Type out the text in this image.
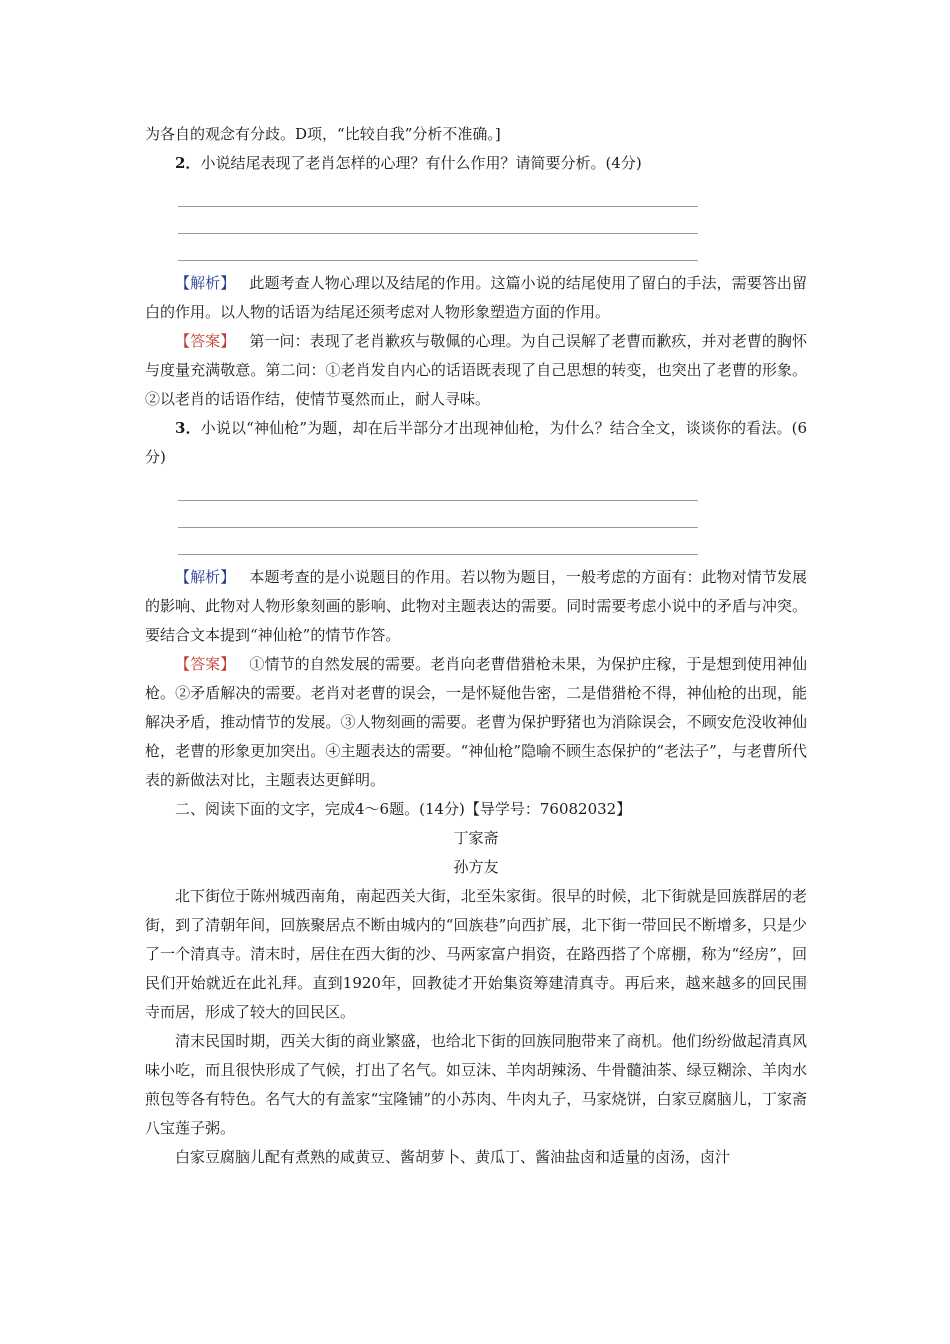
为各自的观念有分歧。D项，“比较自我”分析不准确。]

2．小说结尾表现了老肖怎样的心理？有什么作用？请简要分析。(4分)

【解析】 此题考查人物心理以及结尾的作用。这篇小说的结尾使用了留白的手法，需要答出留白的作用。以人物的话语为结尾还须考虑对人物形象塑造方面的作用。

【答案】 第一问：表现了老肖歉疚与敬佩的心理。为自己误解了老曹而歉疚，并对老曹的胸怀与度量充满敬意。第二问：①老肖发自内心的话语既表现了自己思想的转变，也突出了老曹的形象。②以老肖的话语作结，使情节戛然而止，耐人寻味。

3．小说以“神仙枪”为题，却在后半部分才出现神仙枪，为什么？结合全文，谈谈你的看法。(6分)

【解析】 本题考查的是小说题目的作用。若以物为题目，一般考虑的方面有：此物对情节发展的影响、此物对人物形象刻画的影响、此物对主题表达的需要。同时需要考虑小说中的矛盾与冲突。要结合文本提到“神仙枪”的情节作答。

【答案】 ①情节的自然发展的需要。老肖向老曹借猎枪未果，为保护庄稼，于是想到使用神仙枪。②矛盾解决的需要。老肖对老曹的误会，一是怀疑他告密，二是借猎枪不得，神仙枪的出现，能解决矛盾，推动情节的发展。③人物刻画的需要。老曹为保护野猪也为消除误会，不顾安危没收神仙枪，老曹的形象更加突出。④主题表达的需要。“神仙枪”隐喻不顾生态保护的“老法子”，与老曹所代表的新做法对比，主题表达更鲜明。

二、阅读下面的文字，完成4～6题。(14分)【导学号：76082032】

丁家斋

孙方友

北下街位于陈州城西南角，南起西关大街，北至朱家街。很早的时候，北下街就是回族群居的老街，到了清朝年间，回族聚居点不断由城内的“回族巷”向西扩展，北下街一带回民不断增多，只是少了一个清真寺。清末时，居住在西大街的沙、马两家富户捐资，在路西搭了个席棚，称为“经房”，回民们开始就近在此礼拜。直到1920年，回教徒才开始集资筹建清真寺。再后来，越来越多的回民围寺而居，形成了较大的回民区。

清末民国时期，西关大街的商业繁盛，也给北下街的回族同胞带来了商机。他们纷纷做起清真风味小吃，而且很快形成了气候，打出了名气。如豆沫、羊肉胡辣汤、牛骨髓油茶、绿豆糊涂、羊肉水煎包等各有特色。名气大的有盖家“宝隆铺”的小苏肉、牛肉丸子，马家烧饼，白家豆腐脑儿，丁家斋八宝莲子粥。

白家豆腐脑儿配有煮熟的咸黄豆、酱胡萝卜、黄瓜丁、酱油盐卤和适量的卤汤，卤汁
